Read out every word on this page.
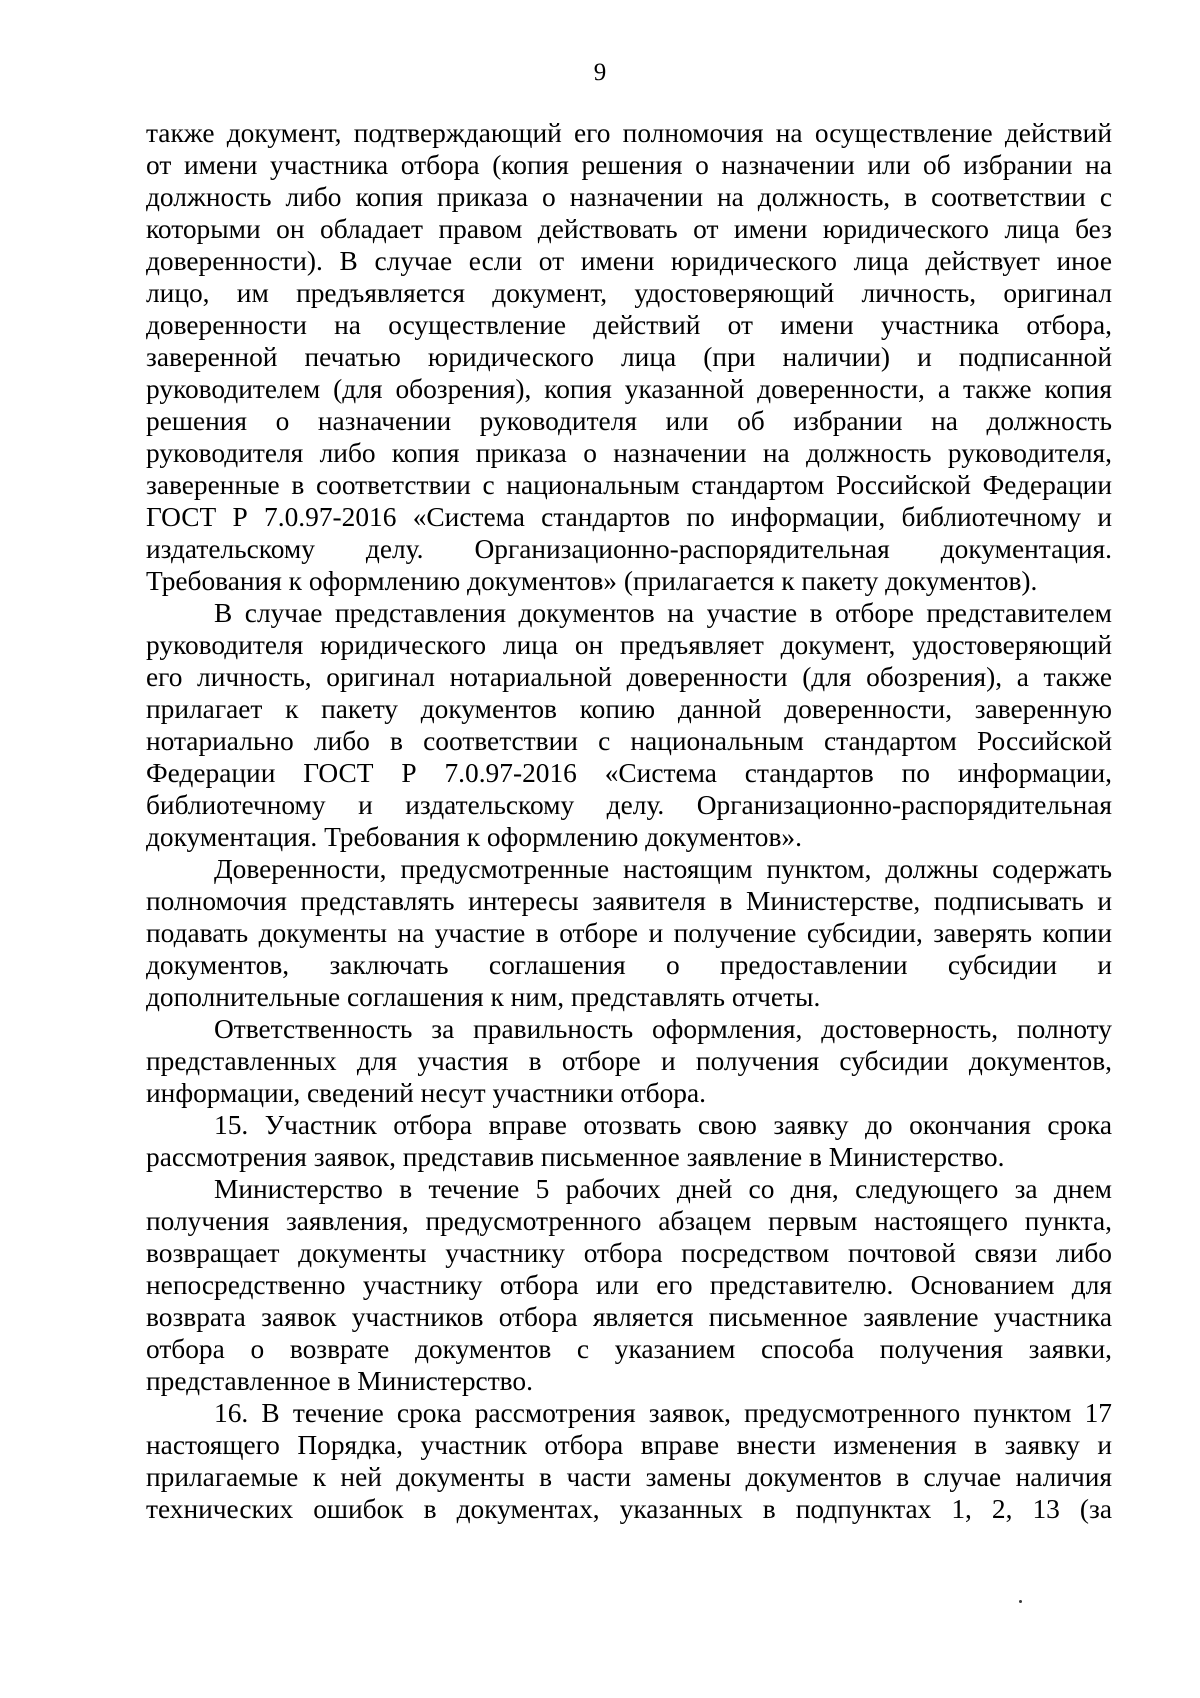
9

также документ, подтверждающий его полномочия на осуществление действий

от имени участника отбора (копия решения о назначении или об избрании на

должность либо копия приказа о назначении на должность, в соответствии с

которыми он обладает правом действовать от имени юридического лица без

доверенности). В случае если от имени юридического лица действует иное

лицо, им предъявляется документ, удостоверяющий личность, оригинал

доверенности на осуществление действий от имени участника отбора,

заверенной печатью юридического лица (при наличии) и подписанной

руководителем (для обозрения), копия указанной доверенности, а также копия

решения о назначении руководителя или об избрании на должность

руководителя либо копия приказа о назначении на должность руководителя,

заверенные в соответствии с национальным стандартом Российской Федерации

ГОСТ Р 7.0.97-2016 «Система стандартов по информации, библиотечному и

издательскому делу. Организационно-распорядительная документация.

Требования к оформлению документов» (прилагается к пакету документов).

В случае представления документов на участие в отборе представителем

руководителя юридического лица он предъявляет документ, удостоверяющий

его личность, оригинал нотариальной доверенности (для обозрения), а также

прилагает к пакету документов копию данной доверенности, заверенную

нотариально либо в соответствии с национальным стандартом Российской

Федерации ГОСТ Р 7.0.97-2016 «Система стандартов по информации,

библиотечному и издательскому делу. Организационно-распорядительная

документация. Требования к оформлению документов».

Доверенности, предусмотренные настоящим пунктом, должны содержать

полномочия представлять интересы заявителя в Министерстве, подписывать и

подавать документы на участие в отборе и получение субсидии, заверять копии

документов, заключать соглашения о предоставлении субсидии и

дополнительные соглашения к ним, представлять отчеты.

Ответственность за правильность оформления, достоверность, полноту

представленных для участия в отборе и получения субсидии документов,

информации, сведений несут участники отбора.

15. Участник отбора вправе отозвать свою заявку до окончания срока

рассмотрения заявок, представив письменное заявление в Министерство.

Министерство в течение 5 рабочих дней со дня, следующего за днем

получения заявления, предусмотренного абзацем первым настоящего пункта,

возвращает документы участнику отбора посредством почтовой связи либо

непосредственно участнику отбора или его представителю. Основанием для

возврата заявок участников отбора является письменное заявление участника

отбора о возврате документов с указанием способа получения заявки,

представленное в Министерство.

16. В течение срока рассмотрения заявок, предусмотренного пунктом 17

настоящего Порядка, участник отбора вправе внести изменения в заявку и

прилагаемые к ней документы в части замены документов в случае наличия

технических ошибок в документах, указанных в подпунктах 1, 2, 13 (за
